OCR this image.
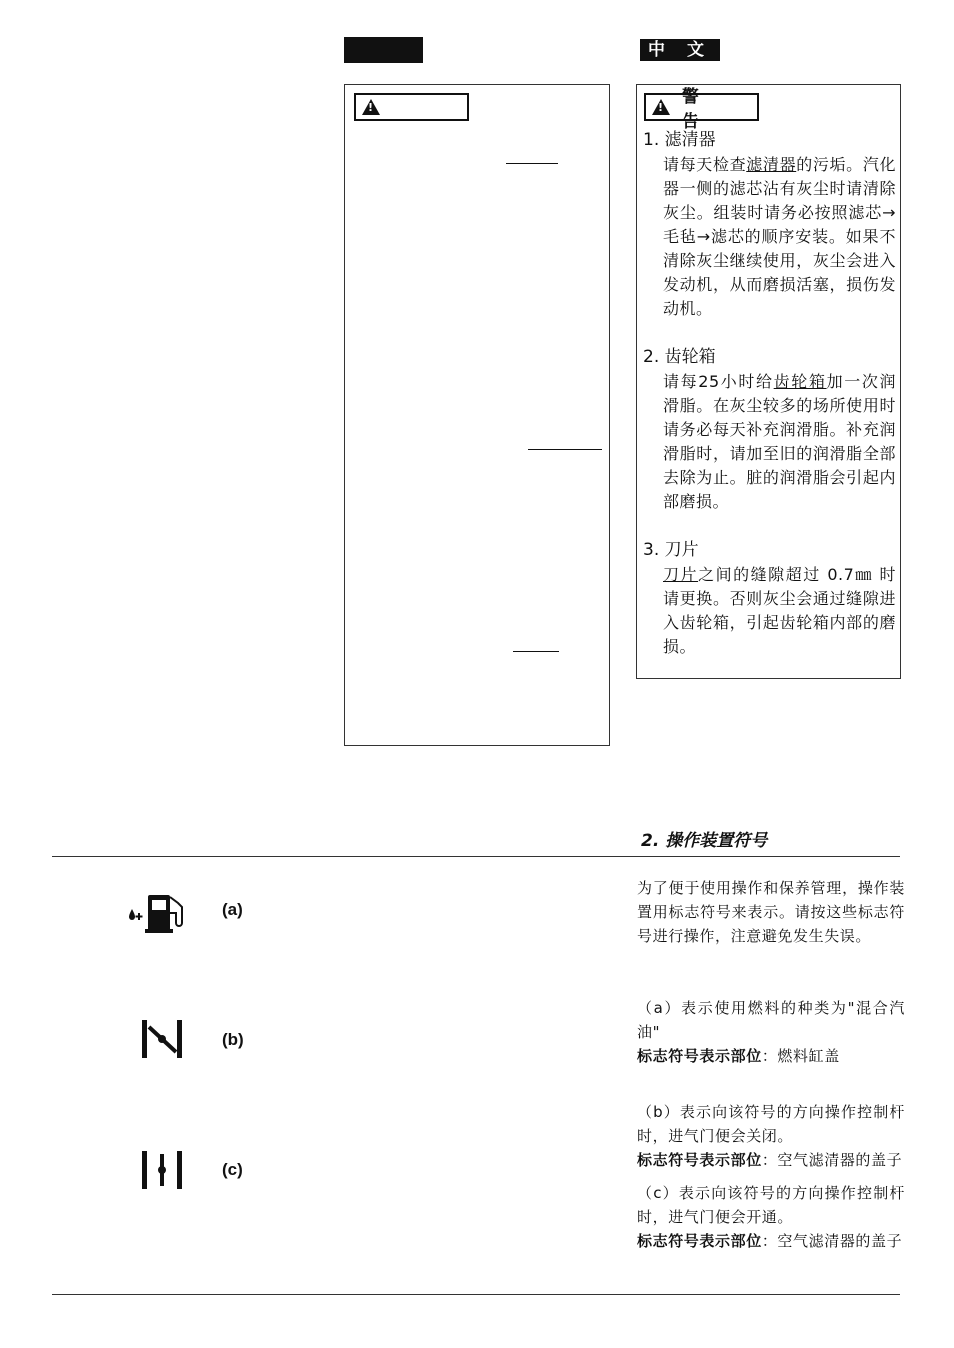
中 文
!
!
警 告
1. 滤清器
请每天检查滤清器的污垢。汽化器一侧的滤芯沾有灰尘时请清除灰尘。组装时请务必按照滤芯→毛毡→滤芯的顺序安装。如果不清除灰尘继续使用，灰尘会进入发动机，从而磨损活塞，损伤发动机。
2. 齿轮箱
请每25小时给齿轮箱加一次润滑脂。在灰尘较多的场所使用时请务必每天补充润滑脂。补充润滑脂时，请加至旧的润滑脂全部去除为止。脏的润滑脂会引起内部磨损。
3. 刀片
刀片之间的缝隙超过 0.7㎜ 时请更换。否则灰尘会通过缝隙进入齿轮箱，引起齿轮箱内部的磨损。
2. 操作装置符号
为了便于使用操作和保养管理，操作装置用标志符号来表示。请按这些标志符号进行操作，注意避免发生失误。
(a)
（a）表示使用燃料的种类为"混合汽油"
标志符号表示部位：燃料缸盖
(b)
（b）表示向该符号的方向操作控制杆时，进气门便会关闭。
标志符号表示部位：空气滤清器的盖子
(c)
（c）表示向该符号的方向操作控制杆时，进气门便会开通。
标志符号表示部位：空气滤清器的盖子
